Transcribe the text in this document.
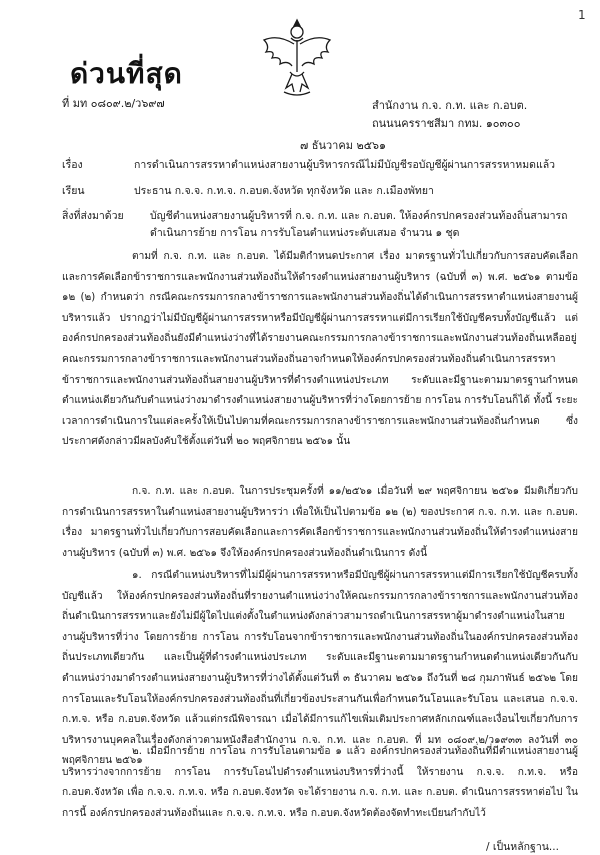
1
ด่วนที่สุด
ที่ มท ๐๘๐๙.๒/ว๖๙๗	สำนักงาน ก.จ. ก.ท. และ ก.อบต.
ถนนนครราชสีมา กทม. ๑๐๓๐๐
๗ ธันวาคม ๒๕๖๑
เรื่อง	การดำเนินการสรรหาตำแหน่งสายงานผู้บริหารกรณีไม่มีบัญชีรอบัญชีผู้ผ่านการสรรหาหมดแล้ว
เรียน	ประธาน ก.จ.จ. ก.ท.จ. ก.อบต.จังหวัด ทุกจังหวัด และ ก.เมืองพัทยา
สิ่งที่ส่งมาด้วย	บัญชีตำแหน่งสายงานผู้บริหารที่ ก.จ. ก.ท. และ ก.อบต. ให้องค์กรปกครองส่วนท้องถิ่นสามารถดำเนินการย้าย การโอน การรับโอนตำแหน่งระดับเสมอ จำนวน ๑ ชุด

ตามที่ ก.จ. ก.ท. และ ก.อบต. ได้มีมติกำหนดประกาศ เรื่อง มาตรฐานทั่วไปเกี่ยวกับการสอบคัดเลือกและการคัดเลือกข้าราชการและพนักงานส่วนท้องถิ่นให้ดำรงตำแหน่งสายงานผู้บริหาร (ฉบับที่ ๓) พ.ศ. ๒๕๖๑ ตามข้อ ๑๒ (๒) กำหนดว่า กรณีคณะกรรมการกลางข้าราชการและพนักงานส่วนท้องถิ่นได้ดำเนินการสรรหาตำแหน่งสายงานผู้บริหารแล้ว ปรากฏว่าไม่มีบัญชีผู้ผ่านการสรรหาหรือมีบัญชีผู้ผ่านการสรรหาแต่มีการเรียกใช้บัญชีครบทั้งบัญชีแล้ว แต่องค์กรปกครองส่วนท้องถิ่นยังมีตำแหน่งว่างที่ได้รายงานคณะกรรมการกลางข้าราชการและพนักงานส่วนท้องถิ่นเหลืออยู่ คณะกรรมการกลางข้าราชการและพนักงานส่วนท้องถิ่นอาจกำหนดให้องค์กรปกครองส่วนท้องถิ่นดำเนินการสรรหาข้าราชการและพนักงานส่วนท้องถิ่นสายงานผู้บริหารที่ดำรงตำแหน่งประเภท ระดับและมีฐานะตามมาตรฐานกำหนดตำแหน่งเดียวกันกับตำแหน่งว่างมาดำรงตำแหน่งสายงานผู้บริหารที่ว่างโดยการย้าย การโอน การรับโอนก็ได้ ทั้งนี้ ระยะเวลาการดำเนินการในแต่ละครั้งให้เป็นไปตามที่คณะกรรมการกลางข้าราชการและพนักงานส่วนท้องถิ่นกำหนด ซึ่งประกาศดังกล่าวมีผลบังคับใช้ตั้งแต่วันที่ ๒๐ พฤศจิกายน ๒๕๖๑ นั้น

ก.จ. ก.ท. และ ก.อบต. ในการประชุมครั้งที่ ๑๑/๒๕๖๑ เมื่อวันที่ ๒๙ พฤศจิกายน ๒๕๖๑ มีมติเกี่ยวกับการดำเนินการสรรหาในตำแหน่งสายงานผู้บริหารว่า เพื่อให้เป็นไปตามข้อ ๑๒ (๒) ของประกาศ ก.จ. ก.ท. และ ก.อบต. เรื่อง มาตรฐานทั่วไปเกี่ยวกับการสอบคัดเลือกและการคัดเลือกข้าราชการและพนักงานส่วนท้องถิ่นให้ดำรงตำแหน่งสายงานผู้บริหาร (ฉบับที่ ๓) พ.ศ. ๒๕๖๑ จึงให้องค์กรปกครองส่วนท้องถิ่นดำเนินการ ดังนี้

๑. กรณีตำแหน่งบริหารที่ไม่มีผู้ผ่านการสรรหาหรือมีบัญชีผู้ผ่านการสรรหาแต่มีการเรียกใช้บัญชีครบทั้งบัญชีแล้ว ให้องค์กรปกครองส่วนท้องถิ่นที่รายงานตำแหน่งว่างให้คณะกรรมการกลางข้าราชการและพนักงานส่วนท้องถิ่นดำเนินการสรรหาและยังไม่มีผู้ใดไปแต่งตั้งในตำแหน่งดังกล่าวสามารถดำเนินการสรรหาผู้มาดำรงตำแหน่งในสายงานผู้บริหารที่ว่าง โดยการย้าย การโอน การรับโอนจากข้าราชการและพนักงานส่วนท้องถิ่นในองค์กรปกครองส่วนท้องถิ่นประเภทเดียวกัน และเป็นผู้ที่ดำรงตำแหน่งประเภท ระดับและมีฐานะตามมาตรฐานกำหนดตำแหน่งเดียวกันกับตำแหน่งว่างมาดำรงตำแหน่งสายงานผู้บริหารที่ว่างได้ตั้งแต่วันที่ ๓ ธันวาคม ๒๕๖๑ ถึงวันที่ ๒๘ กุมภาพันธ์ ๒๕๖๒ โดยการโอนและรับโอนให้องค์กรปกครองส่วนท้องถิ่นที่เกี่ยวข้องประสานกันเพื่อกำหนดวันโอนและรับโอน และเสนอ ก.จ.จ. ก.ท.จ. หรือ ก.อบต.จังหวัด แล้วแต่กรณีพิจารณา เมื่อได้มีการแก้ไขเพิ่มเติมประกาศหลักเกณฑ์และเงื่อนไขเกี่ยวกับการบริหารงานบุคคลในเรื่องดังกล่าวตามหนังสือสำนักงาน ก.จ. ก.ท. และ ก.อบต. ที่ มท ๐๘๐๙.๒/ว๑๙๓๓ ลงวันที่ ๓๐ พฤศจิกายน ๒๕๖๑

๒. เมื่อมีการย้าย การโอน การรับโอนตามข้อ ๑ แล้ว องค์กรปกครองส่วนท้องถิ่นที่มีตำแหน่งสายงานผู้บริหารว่างจากการย้าย การโอน การรับโอนไปดำรงตำแหน่งบริหารที่ว่างนี้ ให้รายงาน ก.จ.จ. ก.ท.จ. หรือ ก.อบต.จังหวัด เพื่อ ก.จ.จ. ก.ท.จ. หรือ ก.อบต.จังหวัด จะได้รายงาน ก.จ. ก.ท. และ ก.อบต. ดำเนินการสรรหาต่อไป ในการนี้ องค์กรปกครองส่วนท้องถิ่นและ ก.จ.จ. ก.ท.จ. หรือ ก.อบต.จังหวัดต้องจัดทำทะเบียนกำกับไว้

/ เป็นหลักฐาน...
